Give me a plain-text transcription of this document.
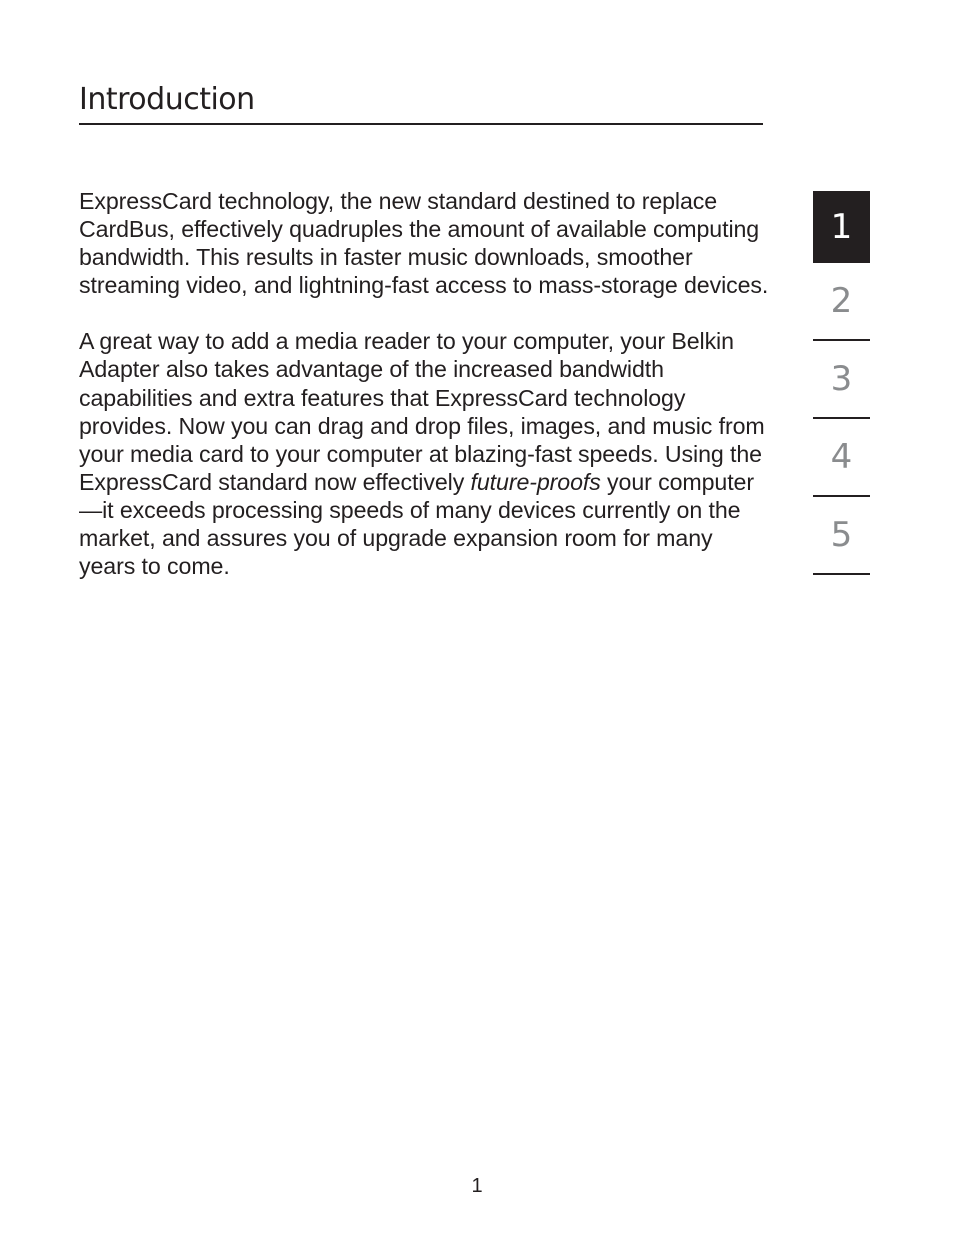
Introduction

ExpressCard technology, the new standard destined to replace CardBus, effectively quadruples the amount of available computing bandwidth. This results in faster music downloads, smoother streaming video, and lightning-fast access to mass-storage devices.

A great way to add a media reader to your computer, your Belkin Adapter also takes advantage of the increased bandwidth capabilities and extra features that ExpressCard technology provides. Now you can drag and drop files, images, and music from your media card to your computer at blazing-fast speeds. Using the ExpressCard standard now effectively future-proofs your computer—it exceeds processing speeds of many devices currently on the market, and assures you of upgrade expansion room for many years to come.

1
2
3
4
5
1
